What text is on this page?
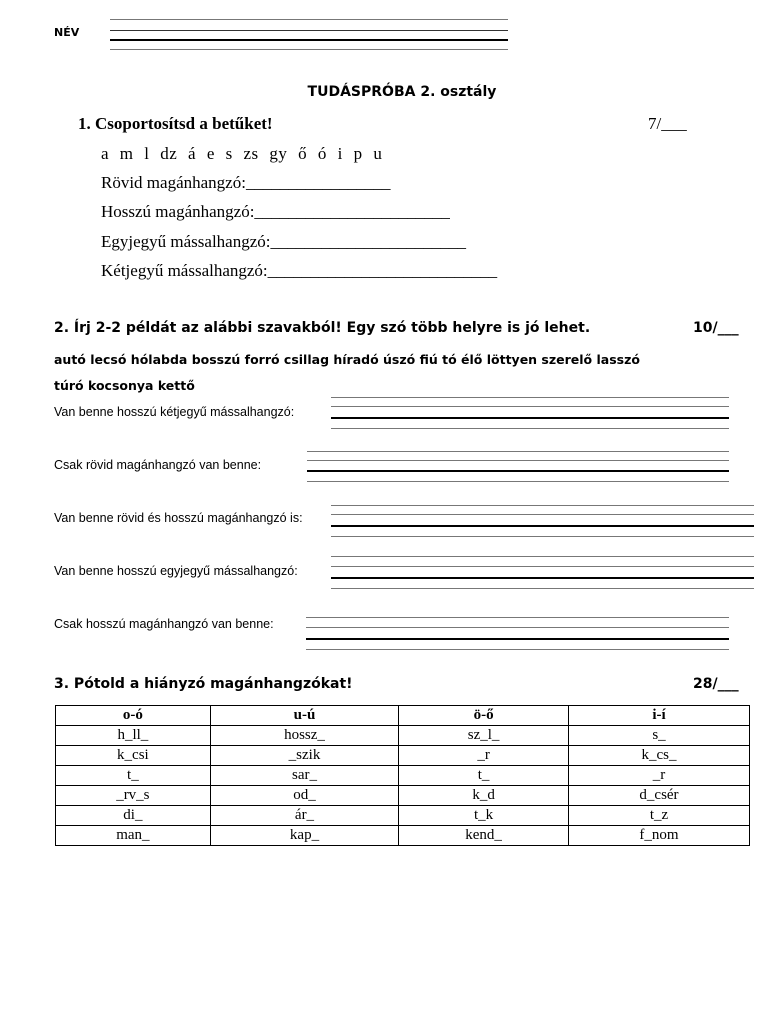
NÉV
TUDÁSPRÓBA 2. osztály
1. Csoportosítsd a betűket!	7/___
a m l dz á e s zs gy ő ó i p u
Rövid magánhangzó:_________________
Hosszú magánhangzó:_______________________
Egyjegyű mássalhangzó:_______________________
Kétjegyű mássalhangzó:___________________________
2. Írj 2-2 példát az alábbi szavakból! Egy szó több helyre is jó lehet.	10/___
autó lecsó hólabda bosszú forró csillag híradó úszó fiú tó élő löttyen szerelő lasszó
túró kocsonya kettő
Van benne hosszú kétjegyű mássalhangzó:
Csak rövid magánhangzó van benne:
Van benne rövid és hosszú magánhangzó is:
Van benne hosszú egyjegyű mássalhangzó:
Csak hosszú magánhangzó van benne:
3. Pótold a hiányzó magánhangzókat!	28/___
o-ó	u-ú	ö-ő	i-í
h_ll_	hossz_	sz_l_	s_
k_csi	_szik	_r	k_cs_
t_	sar_	t_	_r
_rv_s	od_	k_d	d_csér
di_	ár_	t_k	t_z
man_	kap_	kend_	f_nom
